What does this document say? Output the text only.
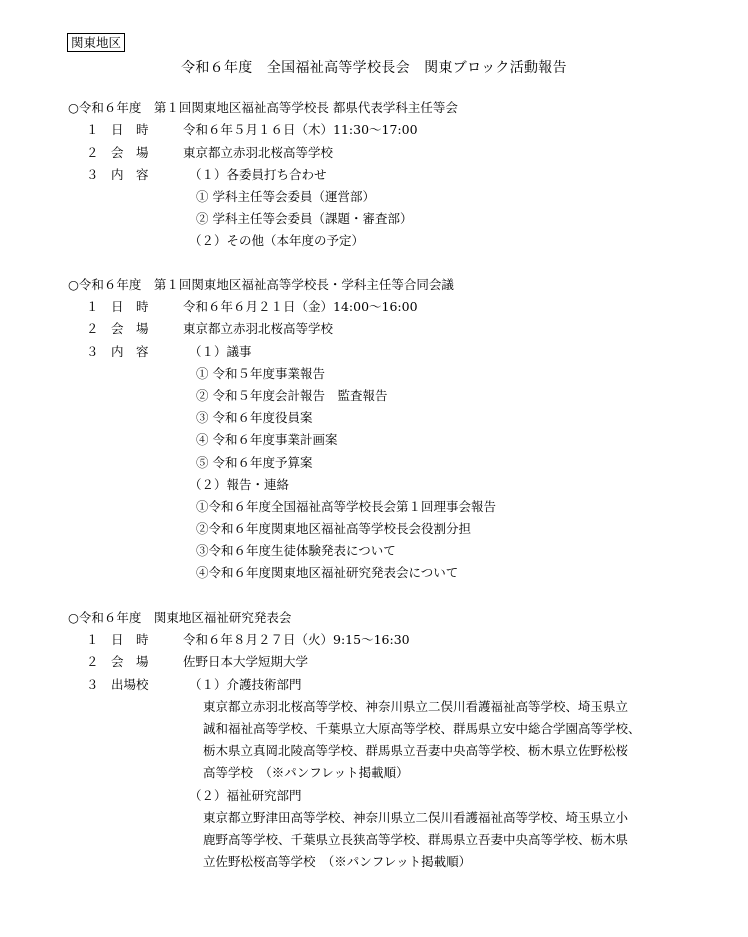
関東地区
令和６年度　全国福祉高等学校長会　関東ブロック活動報告
○令和６年度　第１回関東地区福祉高等学校長 都県代表学科主任等会
１　日　時	令和６年５月１６日（木）11:30〜17:00
２　会　場	東京都立赤羽北桜高等学校
３　内　容	（１）各委員打ち合わせ
① 学科主任等会委員（運営部）
② 学科主任等会委員（課題・審査部）
（２）その他（本年度の予定）
○令和６年度　第１回関東地区福祉高等学校長・学科主任等合同会議
１　日　時	令和６年６月２１日（金）14:00〜16:00
２　会　場	東京都立赤羽北桜高等学校
３　内　容	（１）議事
① 令和５年度事業報告
② 令和５年度会計報告　監査報告
③ 令和６年度役員案
④ 令和６年度事業計画案
⑤ 令和６年度予算案
（２）報告・連絡
①令和６年度全国福祉高等学校長会第１回理事会報告
②令和６年度関東地区福祉高等学校長会役割分担
③令和６年度生徒体験発表について
④令和６年度関東地区福祉研究発表会について
○令和６年度　関東地区福祉研究発表会
１　日　時	令和６年８月２７日（火）9:15〜16:30
２　会　場	佐野日本大学短期大学
３　出場校	（１）介護技術部門
東京都立赤羽北桜高等学校、神奈川県立二俣川看護福祉高等学校、埼玉県立
誠和福祉高等学校、千葉県立大原高等学校、群馬県立安中総合学園高等学校、
栃木県立真岡北陵高等学校、群馬県立吾妻中央高等学校、栃木県立佐野松桜
高等学校　（※パンフレット掲載順）
（２）福祉研究部門
東京都立野津田高等学校、神奈川県立二俣川看護福祉高等学校、埼玉県立小
鹿野高等学校、千葉県立長狭高等学校、群馬県立吾妻中央高等学校、栃木県
立佐野松桜高等学校　（※パンフレット掲載順）
